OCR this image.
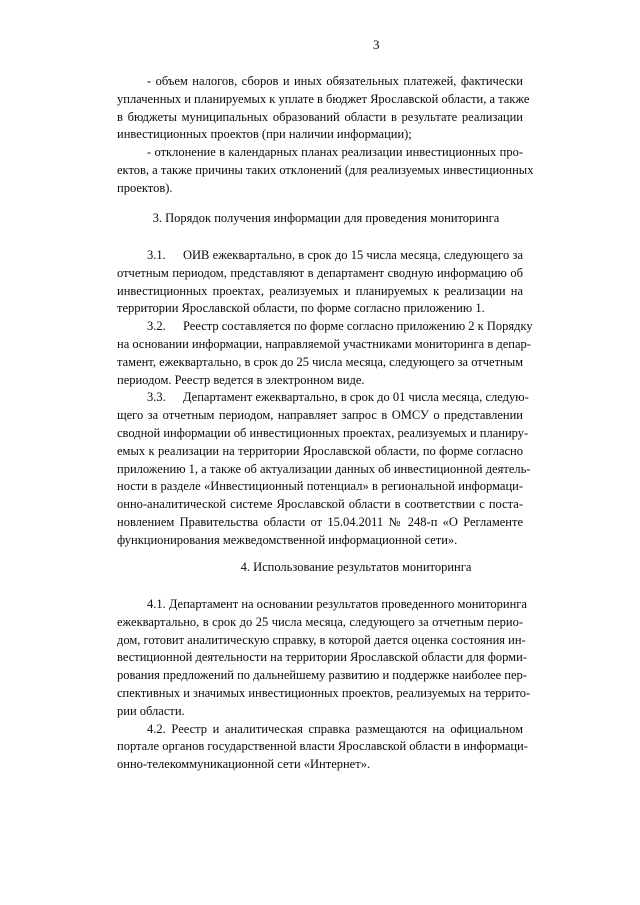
3
- объем налогов, сборов и иных обязательных платежей, фактически
уплаченных и планируемых к уплате в бюджет Ярославской области, а также
в бюджеты муниципальных образований области в результате реализации
инвестиционных проектов (при наличии информации);
- отклонение в календарных планах реализации инвестиционных про-
ектов, а также причины таких отклонений (для реализуемых инвестиционных
проектов).
3. Порядок получения информации для проведения мониторинга
3.1. ОИВ ежеквартально, в срок до 15 числа месяца, следующего за
отчетным периодом, представляют в департамент сводную информацию об
инвестиционных проектах, реализуемых и планируемых к реализации на
территории Ярославской области, по форме согласно приложению 1.
3.2. Реестр составляется по форме согласно приложению 2 к Порядку
на основании информации, направляемой участниками мониторинга в депар-
тамент, ежеквартально, в срок до 25 числа месяца, следующего за отчетным
периодом. Реестр ведется в электронном виде.
3.3. Департамент ежеквартально, в срок до 01 числа месяца, следую-
щего за отчетным периодом, направляет запрос в ОМСУ о представлении
сводной информации об инвестиционных проектах, реализуемых и планиру-
емых к реализации на территории Ярославской области, по форме согласно
приложению 1, а также об актуализации данных об инвестиционной деятель-
ности в разделе «Инвестиционный потенциал» в региональной информаци-
онно-аналитической системе Ярославской области в соответствии с поста-
новлением Правительства области от 15.04.2011 № 248-п «О Регламенте
функционирования межведомственной информационной сети».
4. Использование результатов мониторинга
4.1. Департамент на основании результатов проведенного мониторинга
ежеквартально, в срок до 25 числа месяца, следующего за отчетным перио-
дом, готовит аналитическую справку, в которой дается оценка состояния ин-
вестиционной деятельности на территории Ярославской области для форми-
рования предложений по дальнейшему развитию и поддержке наиболее пер-
спективных и значимых инвестиционных проектов, реализуемых на террито-
рии области.
4.2. Реестр и аналитическая справка размещаются на официальном
портале органов государственной власти Ярославской области в информаци-
онно-телекоммуникационной сети «Интернет».
